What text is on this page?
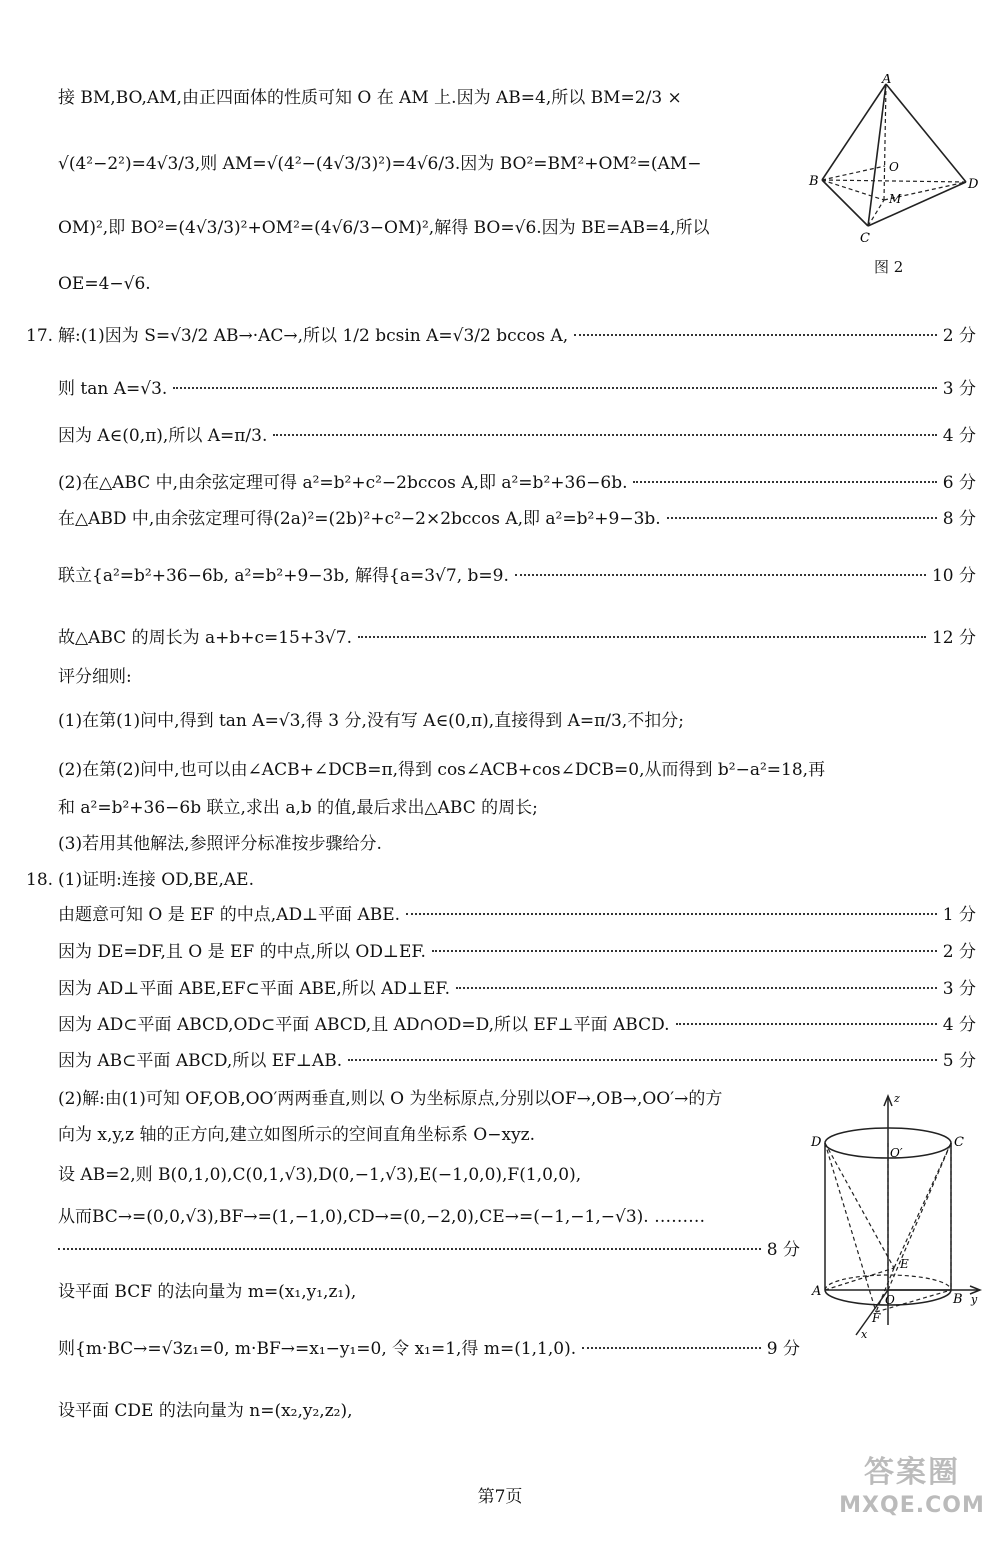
接 BM,BO,AM,由正四面体的性质可知 O 在 AM 上.因为 AB=4,所以 BM=2/3 ×
√(4²−2²)=4√3/3,则 AM=√(4²−(4√3/3)²)=4√6/3.因为 BO²=BM²+OM²=(AM−
OM)²,即 BO²=(4√3/3)²+OM²=(4√6/3−OM)²,解得 BO=√6.因为 BE=AB=4,所以
OE=4−√6.
A
B
C
D
O
M
图 2
17. 解:(1)因为 S=√3/2 AB→·AC→,所以 1/2 bcsin A=√3/2 bccos A,	2 分
则 tan A=√3.	3 分
因为 A∈(0,π),所以 A=π/3.	4 分
(2)在△ABC 中,由余弦定理可得 a²=b²+c²−2bccos A,即 a²=b²+36−6b.	6 分
在△ABD 中,由余弦定理可得(2a)²=(2b)²+c²−2×2bccos A,即 a²=b²+9−3b.	8 分
联立{a²=b²+36−6b, a²=b²+9−3b, 解得{a=3√7, b=9.	10 分
故△ABC 的周长为 a+b+c=15+3√7.	12 分
评分细则:
(1)在第(1)问中,得到 tan A=√3,得 3 分,没有写 A∈(0,π),直接得到 A=π/3,不扣分;
(2)在第(2)问中,也可以由∠ACB+∠DCB=π,得到 cos∠ACB+cos∠DCB=0,从而得到 b²−a²=18,再
和 a²=b²+36−6b 联立,求出 a,b 的值,最后求出△ABC 的周长;
(3)若用其他解法,参照评分标准按步骤给分.
18. (1)证明:连接 OD,BE,AE.
由题意可知 O 是 EF 的中点,AD⊥平面 ABE.	1 分
因为 DE=DF,且 O 是 EF 的中点,所以 OD⊥EF.	2 分
因为 AD⊥平面 ABE,EF⊂平面 ABE,所以 AD⊥EF.	3 分
因为 AD⊂平面 ABCD,OD⊂平面 ABCD,且 AD∩OD=D,所以 EF⊥平面 ABCD.	4 分
因为 AB⊂平面 ABCD,所以 EF⊥AB.	5 分
(2)解:由(1)可知 OF,OB,OO′两两垂直,则以 O 为坐标原点,分别以OF→,OB→,OO′→的方
向为 x,y,z 轴的正方向,建立如图所示的空间直角坐标系 O−xyz.
设 AB=2,则 B(0,1,0),C(0,1,√3),D(0,−1,√3),E(−1,0,0),F(1,0,0),
从而BC→=(0,0,√3),BF→=(1,−1,0),CD→=(0,−2,0),CE→=(−1,−1,−√3). ………
8 分
设平面 BCF 的法向量为 m=(x₁,y₁,z₁),
则{m·BC→=√3z₁=0, m·BF→=x₁−y₁=0, 令 x₁=1,得 m=(1,1,0).	9 分
设平面 CDE 的法向量为 n=(x₂,y₂,z₂),
z
D
O′
C
A
E
O	B y
F
x
第7页
答案圈
MXQE.COM
